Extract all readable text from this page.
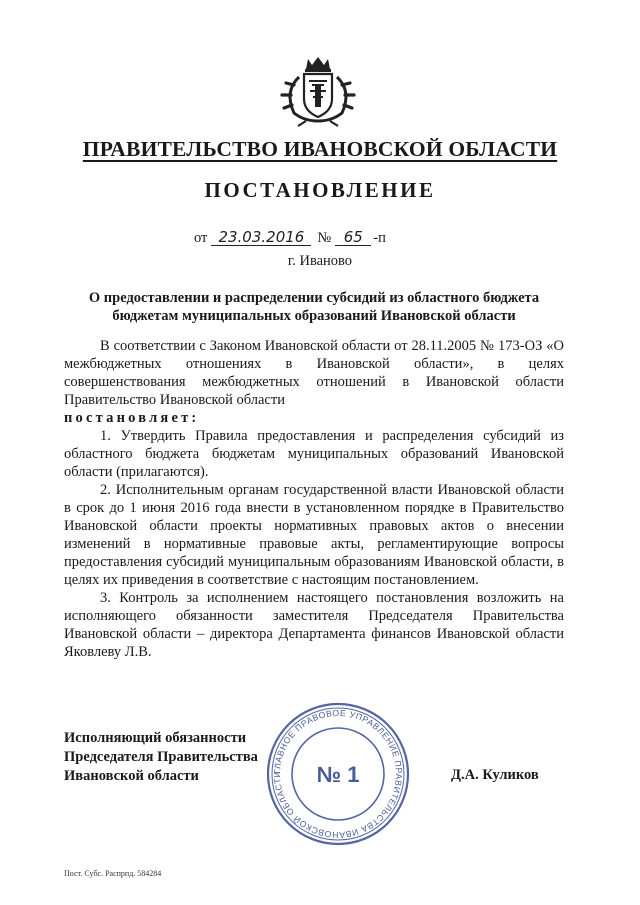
ПРАВИТЕЛЬСТВО ИВАНОВСКОЙ ОБЛАСТИ
ПОСТАНОВЛЕНИЕ
от 23.03.2016 № 65 -п
г. Иваново
О предоставлении и распределении субсидий из областного бюджета
бюджетам муниципальных образований Ивановской области

В соответствии с Законом Ивановской области от 28.11.2005 № 173-ОЗ «О межбюджетных отношениях в Ивановской области», в целях совершенствования межбюджетных отношений в Ивановской области Правительство Ивановской области

постановляет:

1. Утвердить Правила предоставления и распределения субсидий из областного бюджета бюджетам муниципальных образований Ивановской области (прилагаются).

2. Исполнительным органам государственной власти Ивановской области в срок до 1 июня 2016 года внести в установленном порядке в Правительство Ивановской области проекты нормативных правовых актов о внесении изменений в нормативные правовые акты, регламентирующие вопросы предоставления субсидий муниципальным образованиям Ивановской области, в целях их приведения в соответствие с настоящим постановлением.

3. Контроль за исполнением настоящего постановления возложить на исполняющего обязанности заместителя Председателя Правительства Ивановской области – директора Департамента финансов Ивановской области Яковлеву Л.В.

Исполняющий обязанности
Председателя Правительства
Ивановской области	ГЛАВНОЕ ПРАВОВОЕ УПРАВЛЕНИЕ ПРАВИТЕЛЬСТВА ИВАНОВСКОЙ ОБЛАСТИ	№ 1	Д.А. Куликов
Пост. Субс. Распрпд. 584284
